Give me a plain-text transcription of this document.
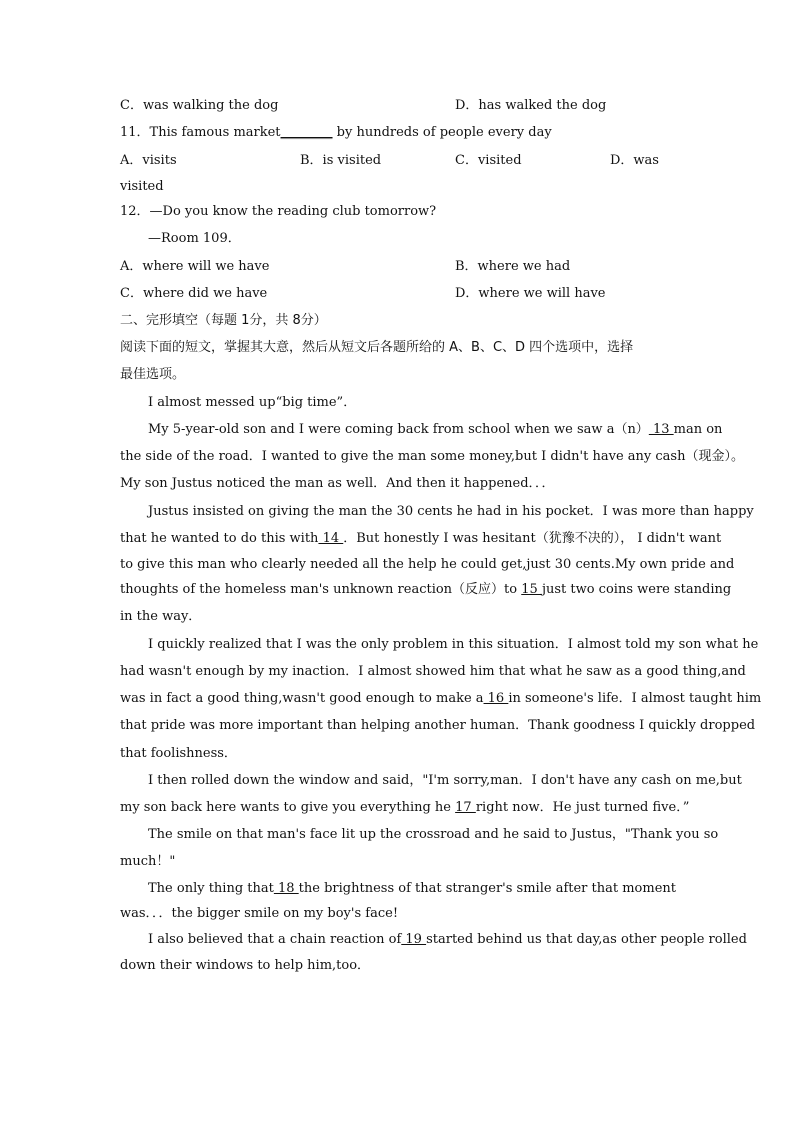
C．was walking the dog	D．has walked the dog
11．This famous market________ by hundreds of people every day
A．visits	B．is visited	C．visited	D．was
visited
12．—Do you know the reading club tomorrow?
—Room 109．
A．where will we have	B．where we had
C．where did we have	D．where we will have
二、完形填空（每题 1分，共 8分）
阅读下面的短文，掌握其大意，然后从短文后各题所给的 A、B、C、D 四个选项中，选择
最佳选项。
I almost messed up“big time”．
My 5-year-old son and I were coming back from school when we saw a（n） 13 man on
the side of the road．I wanted to give the man some money,but I didn't have any cash（现金）。
My son Justus noticed the man as well．And then it happened．．．
Justus insisted on giving the man the 30 cents he had in his pocket．I was more than happy
that he wanted to do this with 14 ．But honestly I was hesitant（犹豫不决的）， I didn't want
to give this man who clearly needed all the help he could get,just 30 cents.My own pride and
thoughts of the homeless man's unknown reaction（反应）to 15 just two coins were standing
in the way．
I quickly realized that I was the only problem in this situation．I almost told my son what he
had wasn't enough by my inaction．I almost showed him that what he saw as a good thing,and
was in fact a good thing,wasn't good enough to make a 16 in someone's life．I almost taught him
that pride was more important than helping another human．Thank goodness I quickly dropped
that foolishness．
I then rolled down the window and said，"I'm sorry,man．I don't have any cash on me,but
my son back here wants to give you everything he 17 right now．He just turned five．”
The smile on that man's face lit up the crossroad and he said to Justus，"Thank you so
much！"
The only thing that 18 the brightness of that stranger's smile after that moment
was．．．the bigger smile on my boy's face!
I also believed that a chain reaction of 19 started behind us that day,as other people rolled
down their windows to help him,too．
